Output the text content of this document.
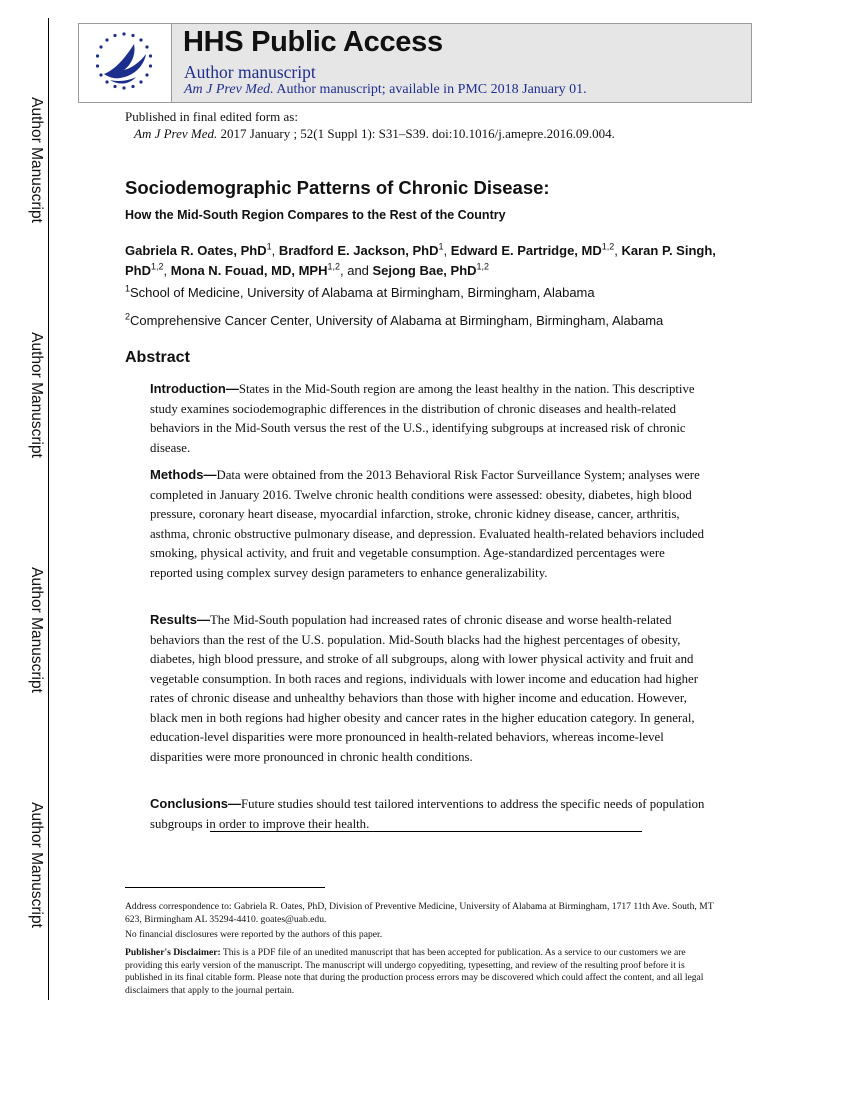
Author Manuscript
Author Manuscript
Author Manuscript
Author Manuscript
HHS Public Access
Author manuscript
Am J Prev Med. Author manuscript; available in PMC 2018 January 01.
Published in final edited form as:
Am J Prev Med. 2017 January ; 52(1 Suppl 1): S31–S39. doi:10.1016/j.amepre.2016.09.004.
Sociodemographic Patterns of Chronic Disease:
How the Mid-South Region Compares to the Rest of the Country
Gabriela R. Oates, PhD$^1$, Bradford E. Jackson, PhD$^1$, Edward E. Partridge, MD$^{1,2}$, Karan P. Singh, PhD$^{1,2}$, Mona N. Fouad, MD, MPH$^{1,2}$, and Sejong Bae, PhD$^{1,2}$
$^1$School of Medicine, University of Alabama at Birmingham, Birmingham, Alabama
$^2$Comprehensive Cancer Center, University of Alabama at Birmingham, Birmingham, Alabama
Abstract
Introduction—States in the Mid-South region are among the least healthy in the nation. This descriptive study examines sociodemographic differences in the distribution of chronic diseases and health-related behaviors in the Mid-South versus the rest of the U.S., identifying subgroups at increased risk of chronic disease.
Methods—Data were obtained from the 2013 Behavioral Risk Factor Surveillance System; analyses were completed in January 2016. Twelve chronic health conditions were assessed: obesity, diabetes, high blood pressure, coronary heart disease, myocardial infarction, stroke, chronic kidney disease, cancer, arthritis, asthma, chronic obstructive pulmonary disease, and depression. Evaluated health-related behaviors included smoking, physical activity, and fruit and vegetable consumption. Age-standardized percentages were reported using complex survey design parameters to enhance generalizability.
Results—The Mid-South population had increased rates of chronic disease and worse health-related behaviors than the rest of the U.S. population. Mid-South blacks had the highest percentages of obesity, diabetes, high blood pressure, and stroke of all subgroups, along with lower physical activity and fruit and vegetable consumption. In both races and regions, individuals with lower income and education had higher rates of chronic disease and unhealthy behaviors than those with higher income and education. However, black men in both regions had higher obesity and cancer rates in the higher education category. In general, education-level disparities were more pronounced in health-related behaviors, whereas income-level disparities were more pronounced in chronic health conditions.
Conclusions—Future studies should test tailored interventions to address the specific needs of population subgroups in order to improve their health.
Address correspondence to: Gabriela R. Oates, PhD, Division of Preventive Medicine, University of Alabama at Birmingham, 1717 11th Ave. South, MT 623, Birmingham AL 35294-4410. goates@uab.edu.
No financial disclosures were reported by the authors of this paper.
Publisher's Disclaimer: This is a PDF file of an unedited manuscript that has been accepted for publication. As a service to our customers we are providing this early version of the manuscript. The manuscript will undergo copyediting, typesetting, and review of the resulting proof before it is published in its final citable form. Please note that during the production process errors may be discovered which could affect the content, and all legal disclaimers that apply to the journal pertain.
